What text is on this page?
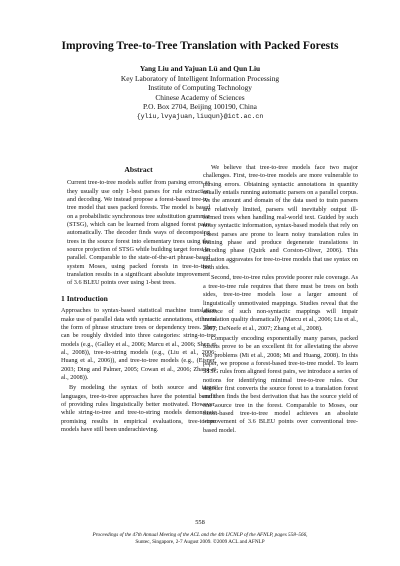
Improving Tree-to-Tree Translation with Packed Forests
Yang Liu and Yajuan Lü and Qun Liu
Key Laboratory of Intelligent Information Processing
Institute of Computing Technology
Chinese Academy of Sciences
P.O. Box 2704, Beijing 100190, China
{yliu,lvyajuan,liuqun}@ict.ac.cn
Abstract

Current tree-to-tree models suffer from parsing errors as they usually use only 1-best parses for rule extraction and decoding. We instead propose a forest-based tree-to-tree model that uses packed forests. The model is based on a probabilistic synchronous tree substitution grammar (STSG), which can be learned from aligned forest pairs automatically. The decoder finds ways of decomposing trees in the source forest into elementary trees using the source projection of STSG while building target forest in parallel. Comparable to the state-of-the-art phrase-based system Moses, using packed forests in tree-to-tree translation results in a significant absolute improvement of 3.6 BLEU points over using 1-best trees.

1 Introduction

Approaches to syntax-based statistical machine translation make use of parallel data with syntactic annotations, either in the form of phrase structure trees or dependency trees. They can be roughly divided into three categories: string-to-tree models (e.g., (Galley et al., 2006; Marcu et al., 2006; Shen et al., 2008)), tree-to-string models (e.g., (Liu et al., 2006; Huang et al., 2006)), and tree-to-tree models (e.g., (Eisner, 2003; Ding and Palmer, 2005; Cowan et al., 2006; Zhang et al., 2008)).

By modeling the syntax of both source and target languages, tree-to-tree approaches have the potential benefit of providing rules linguistically better motivated. However, while string-to-tree and tree-to-string models demonstrate promising results in empirical evaluations, tree-to-tree models have still been underachieving.

We believe that tree-to-tree models face two major challenges. First, tree-to-tree models are more vulnerable to parsing errors. Obtaining syntactic annotations in quantity usually entails running automatic parsers on a parallel corpus. As the amount and domain of the data used to train parsers are relatively limited, parsers will inevitably output ill-formed trees when handling real-world text. Guided by such noisy syntactic information, syntax-based models that rely on 1-best parses are prone to learn noisy translation rules in training phase and produce degenerate translations in decoding phase (Quirk and Corston-Oliver, 2006). This situation aggravates for tree-to-tree models that use syntax on both sides.

Second, tree-to-tree rules provide poorer rule coverage. As a tree-to-tree rule requires that there must be trees on both sides, tree-to-tree models lose a larger amount of linguistically unmotivated mappings. Studies reveal that the absence of such non-syntactic mappings will impair translation quality dramatically (Marcu et al., 2006; Liu et al., 2007; DeNeefe et al., 2007; Zhang et al., 2008).

Compactly encoding exponentially many parses, packed forests prove to be an excellent fit for alleviating the above two problems (Mi et al., 2008; Mi and Huang, 2008). In this paper, we propose a forest-based tree-to-tree model. To learn STSG rules from aligned forest pairs, we introduce a series of notions for identifying minimal tree-to-tree rules. Our decoder first converts the source forest to a translation forest and then finds the best derivation that has the source yield of one source tree in the forest. Comparable to Moses, our forest-based tree-to-tree model achieves an absolute improvement of 3.6 BLEU points over conventional tree-based model.

558
Proceedings of the 47th Annual Meeting of the ACL and the 4th IJCNLP of the AFNLP, pages 558–566,
Suntec, Singapore, 2-7 August 2009. ©2009 ACL and AFNLP
